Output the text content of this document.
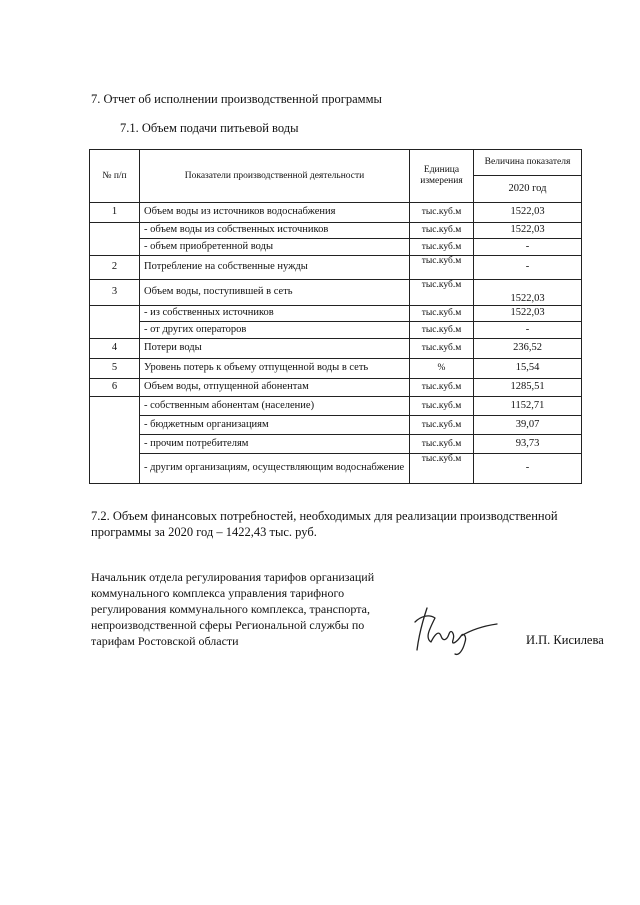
7. Отчет об исполнении производственной программы
7.1. Объем подачи питьевой воды
№ п/п	Показатели производственной деятельности	Единица измерения	Величина показателя
			2020 год
1	Объем воды из источников водоснабжения	тыс.куб.м	1522,03
	- объем воды из собственных источников	тыс.куб.м	1522,03
	- объем приобретенной воды	тыс.куб.м	-
2	Потребление на собственные нужды	тыс.куб.м	-
3	Объем воды, поступившей в сеть	тыс.куб.м	1522,03
	- из собственных источников	тыс.куб.м	1522,03
	- от других операторов	тыс.куб.м	-
4	Потери воды	тыс.куб.м	236,52
5	Уровень потерь к объему отпущенной воды в сеть	%	15,54
6	Объем воды, отпущенной абонентам	тыс.куб.м	1285,51
	- собственным абонентам (население)	тыс.куб.м	1152,71
	- бюджетным организациям	тыс.куб.м	39,07
	- прочим потребителям	тыс.куб.м	93,73
	- другим организациям, осуществляющим водоснабжение	тыс.куб.м	-
7.2. Объем финансовых потребностей, необходимых для реализации производственной программы за 2020 год – 1422,43 тыс. руб.
Начальник отдела регулирования тарифов организаций коммунального комплекса управления тарифного регулирования коммунального комплекса, транспорта, непроизводственной сферы Региональной службы по тарифам Ростовской области	И.П. Кисилева
